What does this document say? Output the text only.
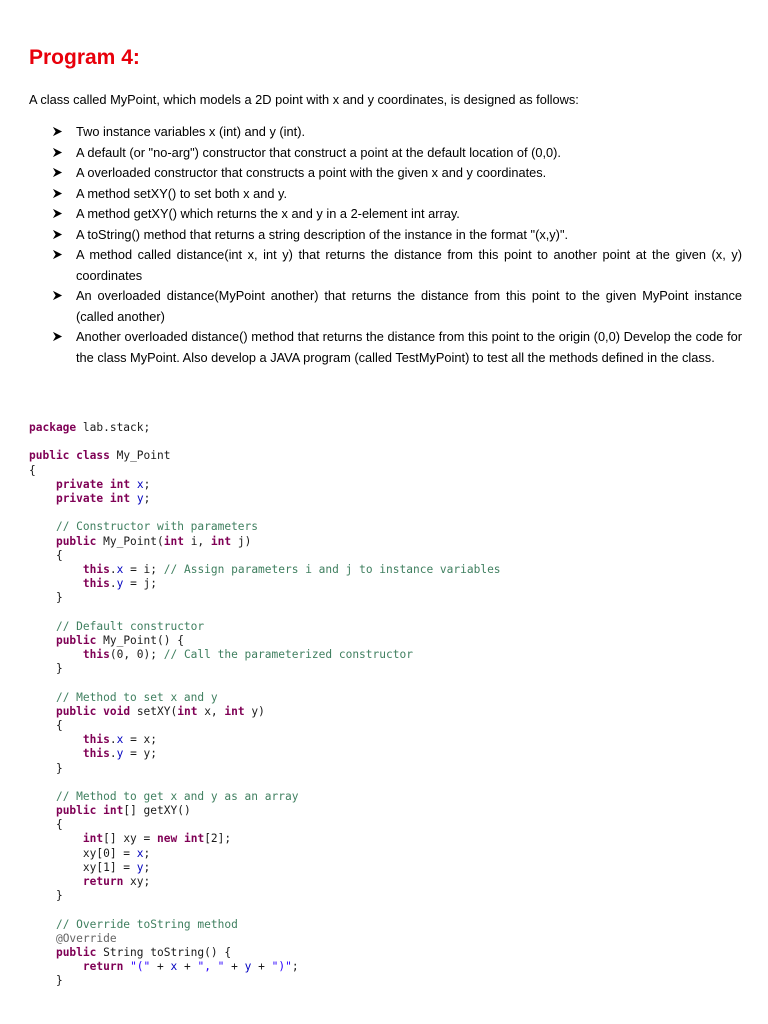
Program 4:

A class called MyPoint, which models a 2D point with x and y coordinates, is designed as follows:

Two instance variables x (int) and y (int).
A default (or "no-arg") constructor that construct a point at the default location of (0,0).
A overloaded constructor that constructs a point with the given x and y coordinates.
A method setXY() to set both x and y.
A method getXY() which returns the x and y in a 2-element int array.
A toString() method that returns a string description of the instance in the format "(x,y)".
A method called distance(int x, int y) that returns the distance from this point to another point at the given (x, y) coordinates
An overloaded distance(MyPoint another) that returns the distance from this point to the given MyPoint instance (called another)
Another overloaded distance() method that returns the distance from this point to the origin (0,0) Develop the code for the class MyPoint. Also develop a JAVA program (called TestMyPoint) to test all the methods defined in the class.
package lab.stack;

public class My_Point
{
private int x;
private int y;

// Constructor with parameters
public My_Point(int i, int j)
{
this.x = i; // Assign parameters i and j to instance variables
this.y = j;
}

// Default constructor
public My_Point() {
this(0, 0); // Call the parameterized constructor
}

// Method to set x and y
public void setXY(int x, int y)
{
this.x = x;
this.y = y;
}

// Method to get x and y as an array
public int[] getXY()
{
int[] xy = new int[2];
xy[0] = x;
xy[1] = y;
return xy;
}

// Override toString method
@Override
public String toString() {
return "(" + x + ", " + y + ")";
}
